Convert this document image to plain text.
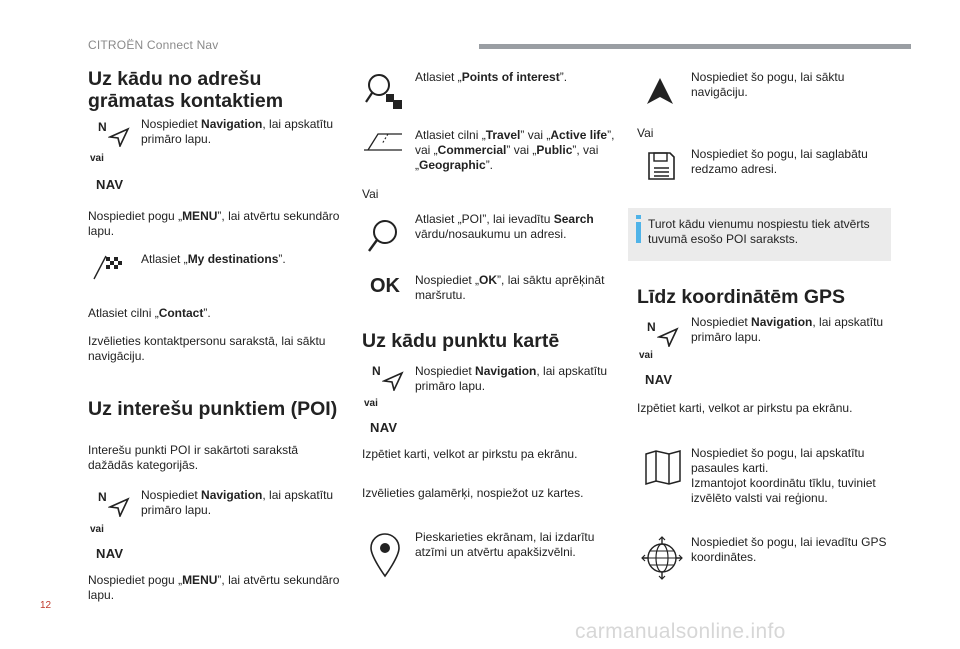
CITROËN Connect Nav
Uz kādu no adrešu grāmatas kontaktiem
N
vai
NAV
Nospiediet Navigation, lai apskatītu primāro lapu.
Nospiediet pogu „MENU”, lai atvērtu sekundāro lapu.
Atlasiet „My destinations”.
Atlasiet cilni „Contact”.
Izvēlieties kontaktpersonu sarakstā, lai sāktu navigāciju.
Uz interešu punktiem (POI)
Interešu punkti POI ir sakārtoti sarakstā dažādās kategorijās.
N
vai
NAV
Nospiediet Navigation, lai apskatītu primāro lapu.
Nospiediet pogu „MENU”, lai atvērtu sekundāro lapu.
Atlasiet „Points of interest”.
Atlasiet cilni „Travel” vai „Active life”, vai „Commercial” vai „Public”, vai „Geographic”.
Vai
Atlasiet „POI”, lai ievadītu Search vārdu/nosaukumu un adresi.
OK Nospiediet „OK”, lai sāktu aprēķināt maršrutu.
Uz kādu punktu kartē
N
vai
NAV
Nospiediet Navigation, lai apskatītu primāro lapu.
Izpētiet karti, velkot ar pirkstu pa ekrānu.
Izvēlieties galamērķi, nospiežot uz kartes.
Pieskarieties ekrānam, lai izdarītu atzīmi un atvērtu apakšizvēlni.
Nospiediet šo pogu, lai sāktu navigāciju.
Vai
Nospiediet šo pogu, lai saglabātu redzamo adresi.
Turot kādu vienumu nospiestu tiek atvērts tuvumā esošo POI saraksts.
Līdz koordinātēm GPS
N
vai
NAV
Nospiediet Navigation, lai apskatītu primāro lapu.
Izpētiet karti, velkot ar pirkstu pa ekrānu.
Nospiediet šo pogu, lai apskatītu pasaules karti.
Izmantojot koordinātu tīklu, tuviniet izvēlēto valsti vai reģionu.
Nospiediet šo pogu, lai ievadītu GPS koordinātes.
12
carmanualsonline.info
